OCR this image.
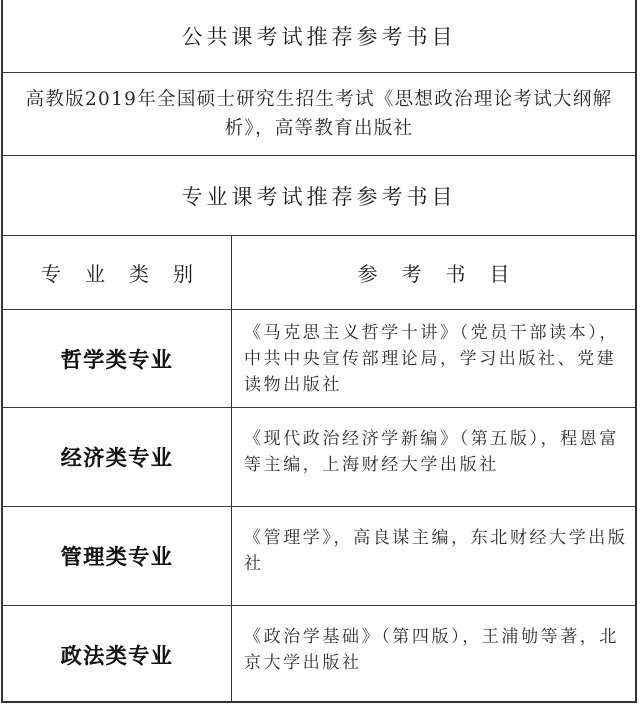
公共课考试推荐参考书目
高教版2019年全国硕士研究生招生考试《思想政治理论考试大纲解析》，高等教育出版社
专业课考试推荐参考书目
专业类别	参考书目
哲学类专业
《马克思主义哲学十讲》（党员干部读本），中共中央宣传部理论局，学习出版社、党建读物出版社
经济类专业
《现代政治经济学新编》（第五版），程恩富等主编，上海财经大学出版社
管理类专业
《管理学》，高良谋主编，东北财经大学出版社
政法类专业
《政治学基础》（第四版），王浦劬等著，北京大学出版社
